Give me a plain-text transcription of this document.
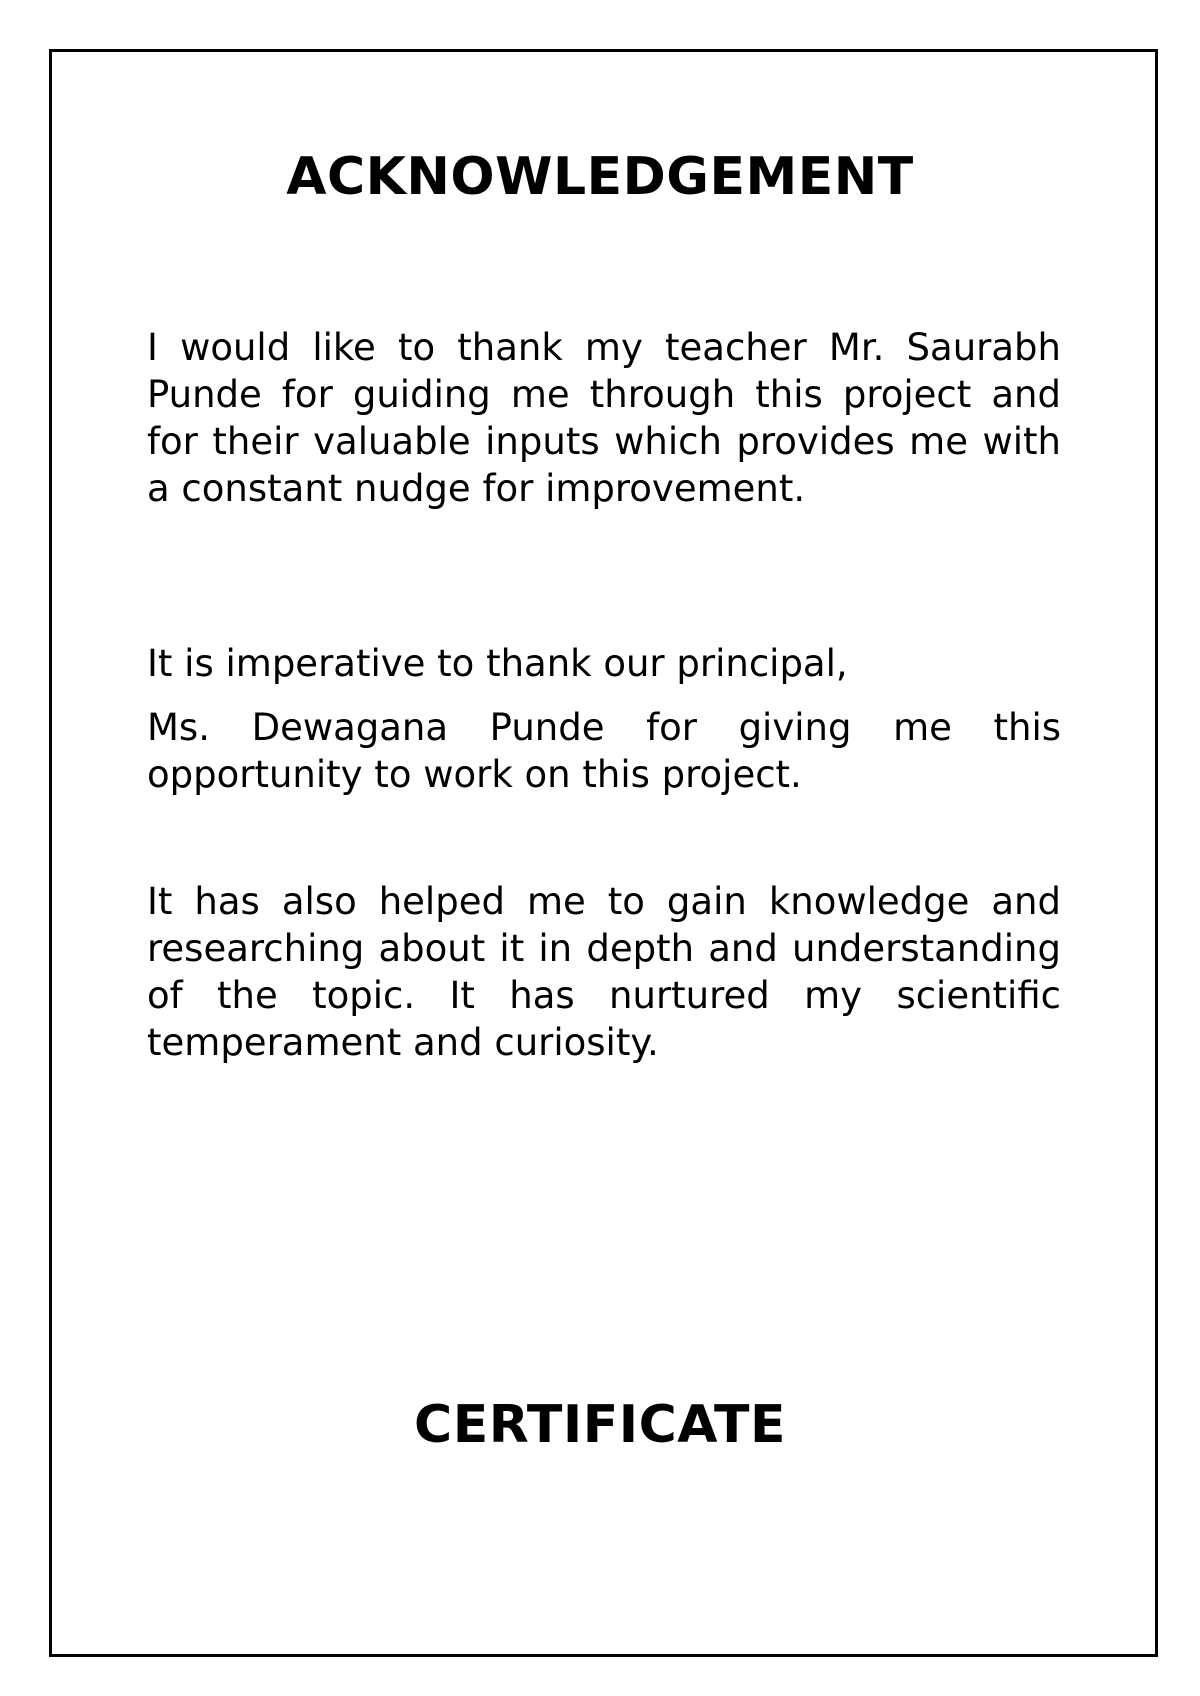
ACKNOWLEDGEMENT

I would like to thank my teacher Mr. Saurabh Punde for guiding me through this project and for their valuable inputs which provides me with a constant nudge for improvement.

It is imperative to thank our principal,

Ms. Dewagana Punde for giving me this opportunity to work on this project.

It has also helped me to gain knowledge and researching about it in depth and understanding of the topic. It has nurtured my scientific temperament and curiosity.

CERTIFICATE
